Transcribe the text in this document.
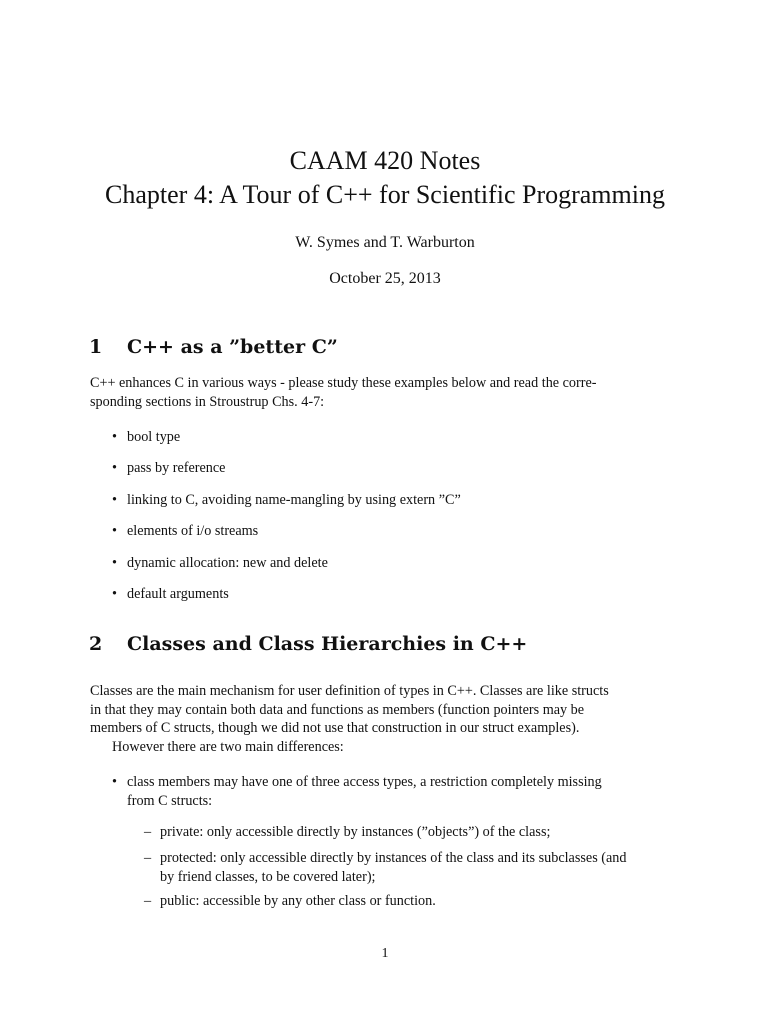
CAAM 420 Notes
Chapter 4: A Tour of C++ for Scientific Programming
W. Symes and T. Warburton
October 25, 2013
1 C++ as a ”better C”
C++ enhances C in various ways - please study these examples below and read the corre-
sponding sections in Stroustrup Chs. 4-7:
• bool type
• pass by reference
• linking to C, avoiding name-mangling by using extern ”C”
• elements of i/o streams
• dynamic allocation: new and delete
• default arguments
2 Classes and Class Hierarchies in C++
Classes are the main mechanism for user definition of types in C++. Classes are like structs
in that they may contain both data and functions as members (function pointers may be
members of C structs, though we did not use that construction in our struct examples).
However there are two main differences:
• class members may have one of three access types, a restriction completely missing
from C structs:
– private: only accessible directly by instances (”objects”) of the class;
– protected: only accessible directly by instances of the class and its subclasses (and
by friend classes, to be covered later);
– public: accessible by any other class or function.
1
